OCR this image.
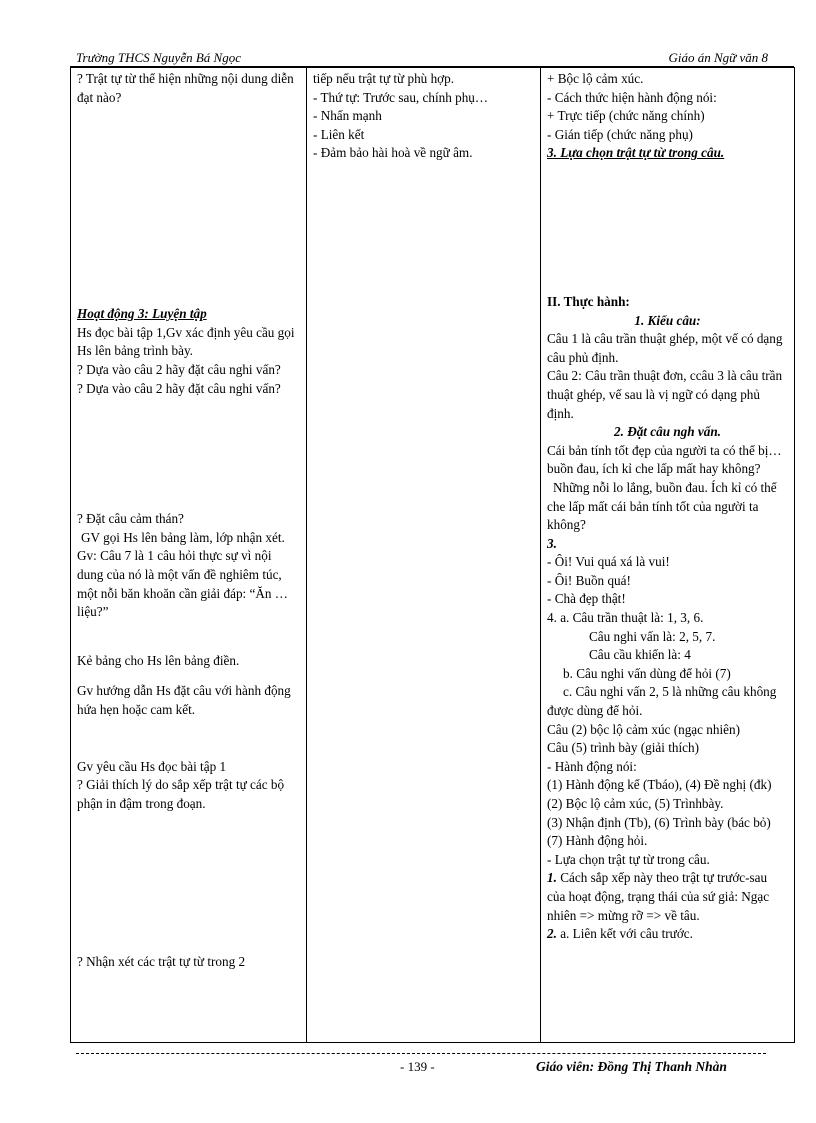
Trường THCS Nguyễn Bá Ngọc	Giáo án Ngữ văn 8

? Trật tự từ thể hiện những nội dung diễn đạt nào?

Hoạt động 3: Luyện tập

Hs đọc bài tập 1,Gv xác định yêu cầu gọi Hs lên bảng trình bày.

? Dựa vào câu 2 hãy đặt câu nghi vấn?

? Dựa vào câu 2 hãy đặt câu nghi vấn?

? Đặt câu cảm thán?

GV gọi Hs lên bảng làm, lớp nhận xét.

Gv: Câu 7 là 1 câu hỏi thực sự vì nội dung của nó là một vấn đề nghiêm túc, một nỗi băn khoăn cần giải đáp: “Ăn … liệu?”

Kẻ bảng cho Hs lên bảng điền.

Gv hướng dẫn Hs đặt câu với hành động hứa hẹn hoặc cam kết.

Gv yêu cầu Hs đọc bài tập 1

? Giải thích lý do sắp xếp trật tự các bộ phận in đậm trong đoạn.

? Nhận xét các trật tự từ trong 2

tiếp nếu trật tự từ phù hợp.

- Thứ tự: Trước sau, chính phụ…

- Nhấn mạnh

- Liên kết

- Đảm bảo hài hoà về ngữ âm.

+ Bộc lộ cảm xúc.

- Cách thức hiện hành động nói:

+ Trực tiếp (chức năng chính)

- Gián tiếp (chức năng phụ)

3. Lựa chọn trật tự từ trong câu.

II. Thực hành:

1. Kiểu câu:

Câu 1 là câu trần thuật ghép, một vế có dạng câu phủ định.

Câu 2: Câu trần thuật đơn, ccâu 3 là câu trần thuật ghép, vế sau là vị ngữ có dạng phủ định.

2. Đặt câu ngh vấn.

Cái bản tính tốt đẹp của người ta có thể bị… buồn đau, ích kỉ che lấp mất hay không?

Những nỗi lo lắng, buồn đau. Ích kỉ có thể che lấp mất cái bản tính tốt của người ta không?

3.

- Ôi! Vui quá xá là vui!

- Ôi! Buồn quá!

- Chà đẹp thật!

4. a. Câu trần thuật là: 1, 3, 6.

Câu nghi vấn là: 2, 5, 7.

Câu cầu khiến là: 4

b. Câu nghi vấn dùng để hỏi (7)

c. Câu nghi vấn 2, 5 là những câu không được dùng để hỏi.

Câu (2) bộc lộ cảm xúc (ngạc nhiên)

Câu (5) trình bày (giải thích)

- Hành động nói:

(1) Hành động kể (Tbáo), (4) Đề nghị (đk)

(2) Bộc lộ cảm xúc, (5) Trìnhbày.

(3) Nhận định (Tb), (6) Trình bày (bác bỏ)

(7) Hành động hỏi.

- Lựa chọn trật tự từ trong câu.

1. Cách sắp xếp này theo trật tự trước-sau của hoạt động, trạng thái của sứ giả: Ngạc nhiên => mừng rỡ => về tâu.

2. a. Liên kết với câu trước.

- 139 -	Giáo viên: Đồng Thị Thanh Nhàn
